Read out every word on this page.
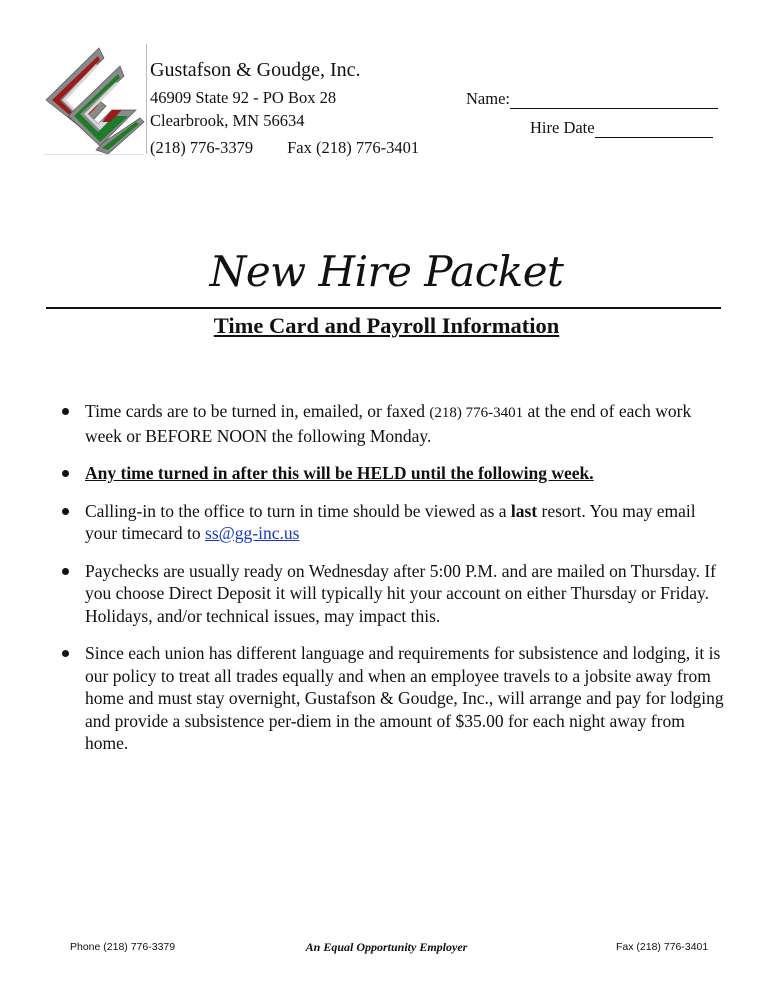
Gustafson & Goudge, Inc.
46909 State 92 - PO Box 28
Clearbrook, MN 56634
(218) 776-3379 Fax (218) 776-3401
Name:
Hire Date
New Hire Packet
Time Card and Payroll Information
Time cards are to be turned in, emailed, or faxed (218) 776-3401 at the end of each work week or BEFORE NOON the following Monday.
Any time turned in after this will be HELD until the following week.
Calling-in to the office to turn in time should be viewed as a last resort. You may email your timecard to ss@gg-inc.us
Paychecks are usually ready on Wednesday after 5:00 P.M. and are mailed on Thursday. If you choose Direct Deposit it will typically hit your account on either Thursday or Friday. Holidays, and/or technical issues, may impact this.
Since each union has different language and requirements for subsistence and lodging, it is our policy to treat all trades equally and when an employee travels to a jobsite away from home and must stay overnight, Gustafson & Goudge, Inc., will arrange and pay for lodging and provide a subsistence per-diem in the amount of $35.00 for each night away from home.
Phone (218) 776-3379	An Equal Opportunity Employer	Fax (218) 776-3401
